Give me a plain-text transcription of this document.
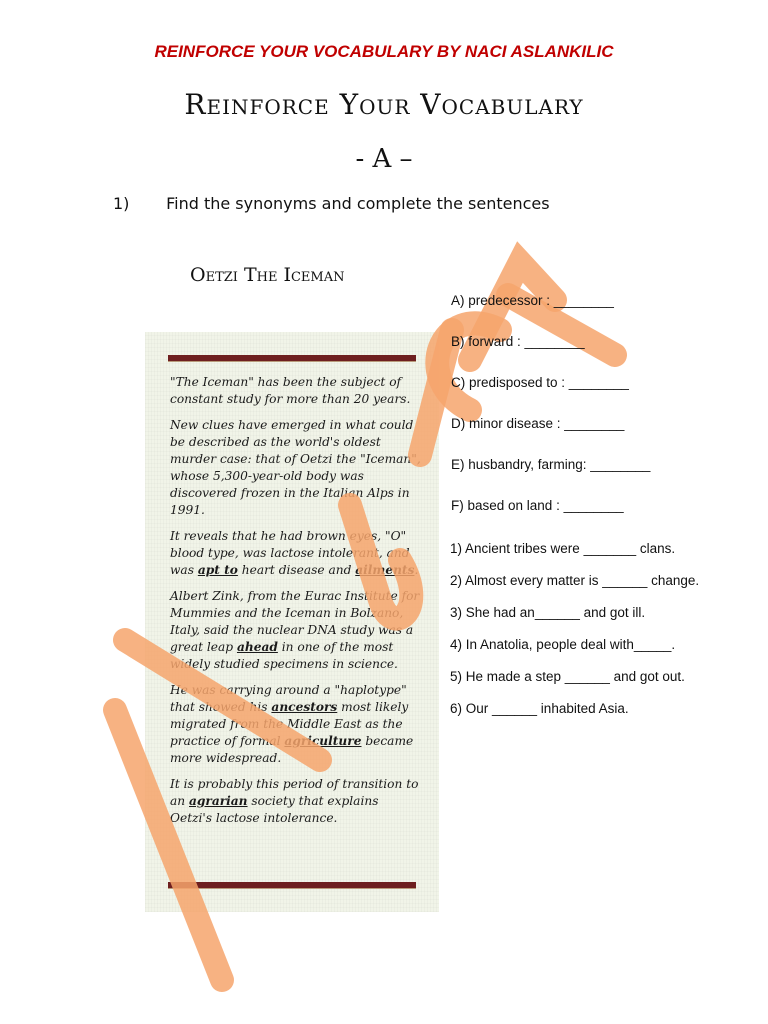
REINFORCE YOUR VOCABULARY BY NACI ASLANKILIC
Reinforce Your Vocabulary
- A –
1) Find the synonyms and complete the sentences
Oetzi The Iceman

"The Iceman" has been the subject of constant study for more than 20 years.

New clues have emerged in what could be described as the world's oldest murder case: that of Oetzi the "Iceman", whose 5,300-year-old body was discovered frozen in the Italian Alps in 1991.

It reveals that he had brown eyes, "O" blood type, was lactose intolerant, and was apt to heart disease and ailments.

Albert Zink, from the Eurac Institute for Mummies and the Iceman in Bolzano, Italy, said the nuclear DNA study was a great leap ahead in one of the most widely studied specimens in science.

He was carrying around a "haplotype" that showed his ancestors most likely migrated from the Middle East as the practice of formal agriculture became more widespread.

It is probably this period of transition to an agrarian society that explains Oetzi's lactose intolerance.

A) predecessor : ________
B) forward : ________
C) predisposed to : ________
D) minor disease : ________
E) husbandry, farming: ________
F) based on land : ________
1) Ancient tribes were _______ clans.
2) Almost every matter is ______ change.
3) She had an______ and got ill.
4) In Anatolia, people deal with_____.
5) He made a step ______ and got out.
6) Our ______ inhabited Asia.
